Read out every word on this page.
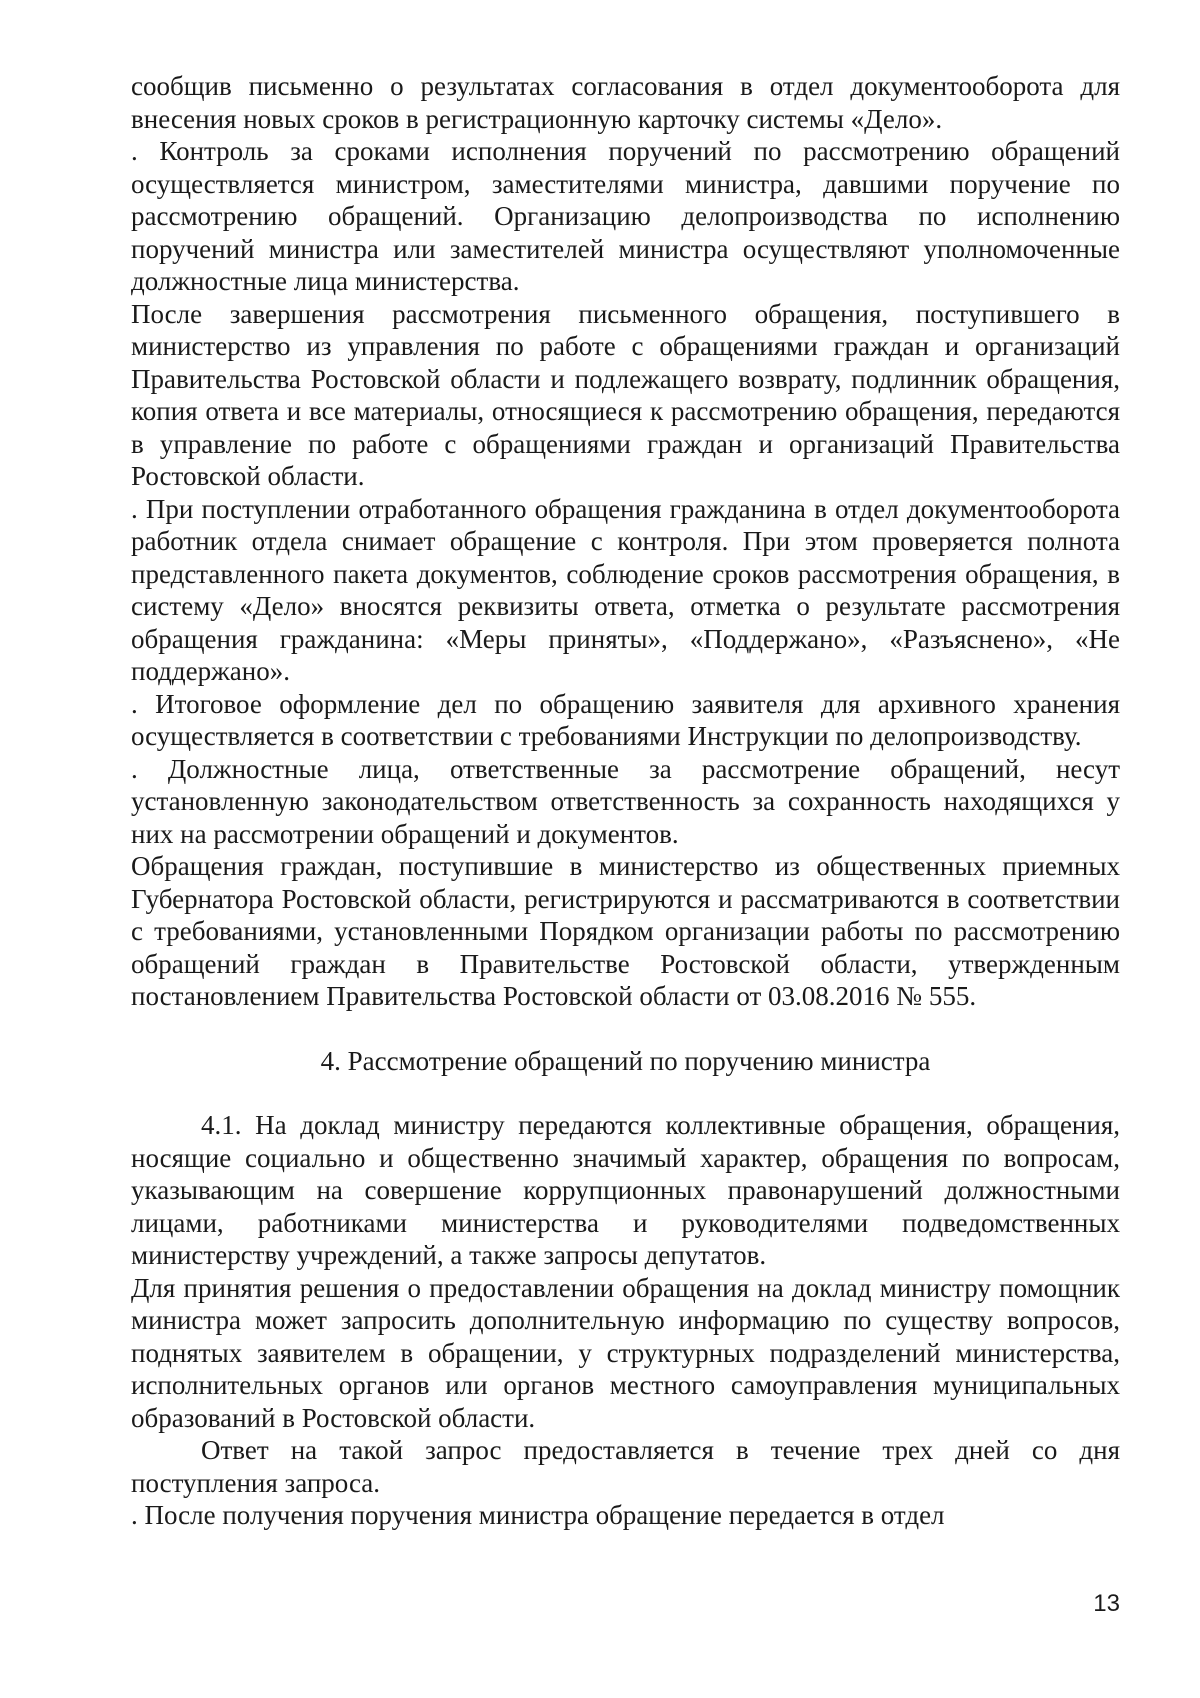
сообщив письменно о результатах согласования в отдел документооборота для внесения новых сроков в регистрационную карточку системы «Дело».

. Контроль за сроками исполнения поручений по рассмотрению обращений осуществляется министром, заместителями министра, давшими поручение по рассмотрению обращений. Организацию делопроизводства по исполнению поручений министра или заместителей министра осуществляют уполномоченные должностные лица министерства.

После завершения рассмотрения письменного обращения, поступившего в министерство из управления по работе с обращениями граждан и организаций Правительства Ростовской области и подлежащего возврату, подлинник обращения, копия ответа и все материалы, относящиеся к рассмотрению обращения, передаются в управление по работе с обращениями граждан и организаций Правительства Ростовской области.

. При поступлении отработанного обращения гражданина в отдел документооборота работник отдела снимает обращение с контроля. При этом проверяется полнота представленного пакета документов, соблюдение сроков рассмотрения обращения, в систему «Дело» вносятся реквизиты ответа, отметка о результате рассмотрения обращения гражданина: «Меры приняты», «Поддержано», «Разъяснено», «Не поддержано».

. Итоговое оформление дел по обращению заявителя для архивного хранения осуществляется в соответствии с требованиями Инструкции по делопроизводству.

. Должностные лица, ответственные за рассмотрение обращений, несут установленную законодательством ответственность за сохранность находящихся у них на рассмотрении обращений и документов.

Обращения граждан, поступившие в министерство из общественных приемных Губернатора Ростовской области, регистрируются и рассматриваются в соответствии с требованиями, установленными Порядком организации работы по рассмотрению обращений граждан в Правительстве Ростовской области, утвержденным постановлением Правительства Ростовской области от 03.08.2016 № 555.

4. Рассмотрение обращений по поручению министра

4.1. На доклад министру передаются коллективные обращения, обращения, носящие социально и общественно значимый характер, обращения по вопросам, указывающим на совершение коррупционных правонарушений должностными лицами, работниками министерства и руководителями подведомственных министерству учреждений, а также запросы депутатов.

Для принятия решения о предоставлении обращения на доклад министру помощник министра может запросить дополнительную информацию по существу вопросов, поднятых заявителем в обращении, у структурных подразделений министерства, исполнительных органов или органов местного самоуправления муниципальных образований в Ростовской области.

Ответ на такой запрос предоставляется в течение трех дней со дня поступления запроса.

. После получения поручения министра обращение передается в отдел

13
